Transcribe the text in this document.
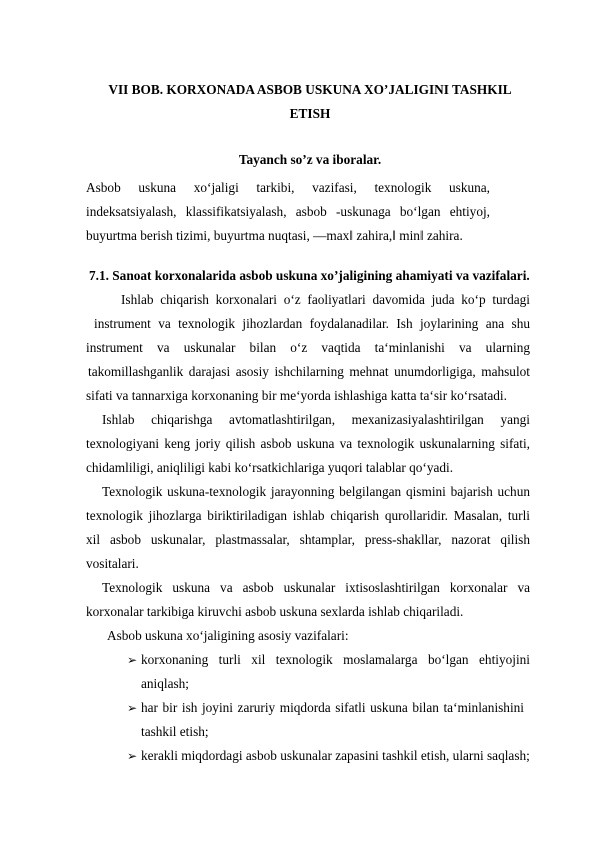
VII BOB. KORXONADA ASBOB USKUNA XO’JALIGINI TASHKIL
ETISH
Tayanch so’z va iboralar.
Asbob uskuna xo‘jaligi tarkibi, vazifasi, texnologik uskuna,
indeksatsiyalash, klassifikatsiyalash, asbob -uskunaga bo‘lgan ehtiyoj,
buyurtma berish tizimi, buyurtma nuqtasi, ―max‖ zahira,‖ min‖ zahira.
7.1. Sanoat korxonalarida asbob uskuna xo’jaligining ahamiyati va vazifalari.
Ishlab chiqarish korxonalari o‘z faoliyatlari davomida juda ko‘p turdagi
instrument va texnologik jihozlardan foydalanadilar. Ish joylarining ana shu
instrument va uskunalar bilan o‘z vaqtida ta‘minlanishi va ularning
takomillashganlik darajasi asosiy ishchilarning mehnat unumdorligiga, mahsulot
sifati va tannarxiga korxonaning bir me‘yorda ishlashiga katta ta‘sir ko‘rsatadi.
Ishlab chiqarishga avtomatlashtirilgan, mexanizasiyalashtirilgan yangi
texnologiyani keng joriy qilish asbob uskuna va texnologik uskunalarning sifati,
chidamliligi, aniqliligi kabi ko‘rsatkichlariga yuqori talablar qo‘yadi.
Texnologik uskuna-texnologik jarayonning belgilangan qismini bajarish uchun
texnologik jihozlarga biriktiriladigan ishlab chiqarish qurollaridir. Masalan, turli
xil asbob uskunalar, plastmassalar, shtamplar, press-shakllar, nazorat qilish
vositalari.
Texnologik uskuna va asbob uskunalar ixtisoslashtirilgan korxonalar va
korxonalar tarkibiga kiruvchi asbob uskuna sexlarda ishlab chiqariladi.
Asbob uskuna xo‘jaligining asosiy vazifalari:
➢ korxonaning turli xil texnologik moslamalarga bo‘lgan ehtiyojini
aniqlash;
➢ har bir ish joyini zaruriy miqdorda sifatli uskuna bilan ta‘minlanishini
tashkil etish;
➢ kerakli miqdordagi asbob uskunalar zapasini tashkil etish, ularni saqlash;
